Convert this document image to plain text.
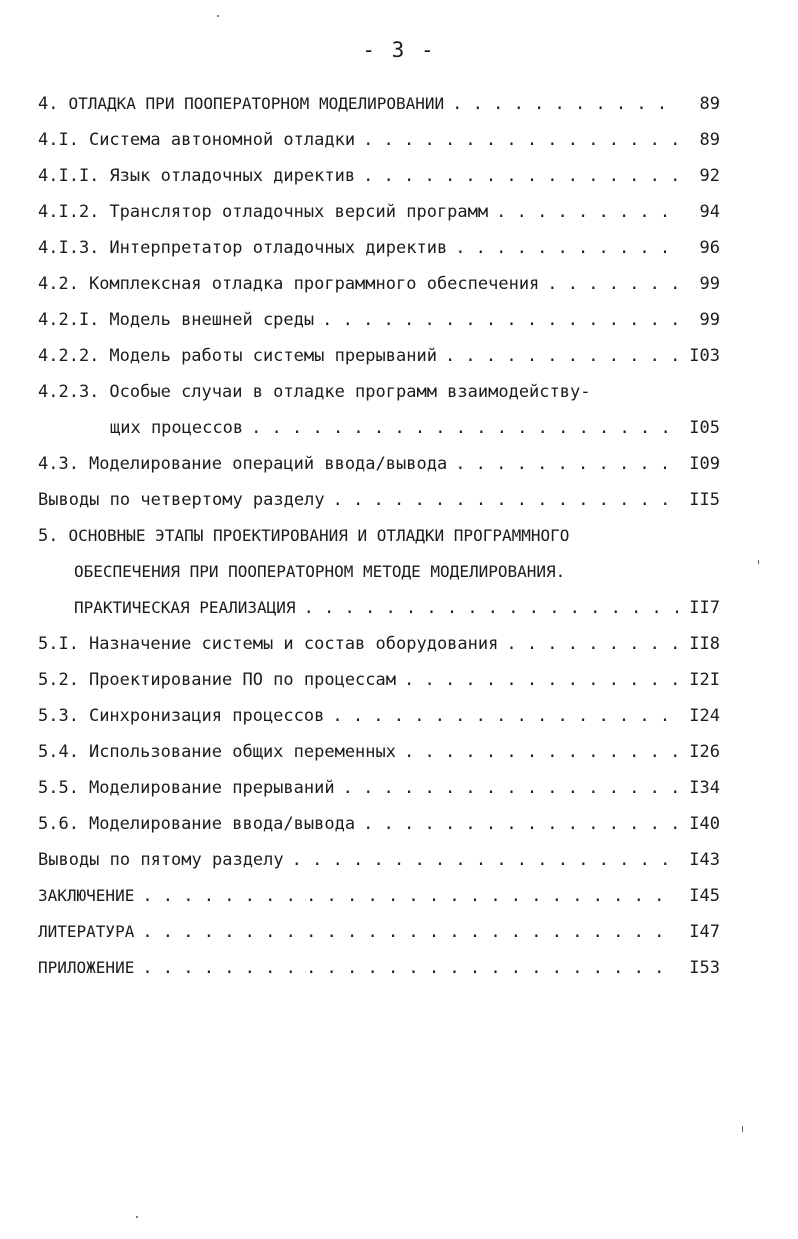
- 3 -
4. ОТЛАДКА ПРИ ПООПЕРАТОРНОМ МОДЕЛИРОВАНИИ . . .	89
4.I. Система автономной отладки . . .	89
4.I.I. Язык отладочных директив . . .	92
4.I.2. Транслятор отладочных версий программ . . .	94
4.I.3. Интерпретатор отладочных директив . . .	96
4.2. Комплексная отладка программного обеспечения . . .	99
4.2.I. Модель внешней среды . . .	99
4.2.2. Модель работы системы прерываний . . .	I03
4.2.3. Особые случаи в отладке программ взаимодейству-
щих процессов . . .	I05
4.3. Моделирование операций ввода/вывода . . .	I09
Выводы по четвертому разделу . . .	II5
5. ОСНОВНЫЕ ЭТАПЫ ПРОЕКТИРОВАНИЯ И ОТЛАДКИ ПРОГРАММНОГО
ОБЕСПЕЧЕНИЯ ПРИ ПООПЕРАТОРНОМ МЕТОДЕ МОДЕЛИРОВАНИЯ.
ПРАКТИЧЕСКАЯ РЕАЛИЗАЦИЯ . . .	II7
5.I. Назначение системы и состав оборудования . . .	II8
5.2. Проектирование ПО по процессам . . .	I2I
5.3. Синхронизация процессов . . .	I24
5.4. Использование общих переменных . . .	I26
5.5. Моделирование прерываний . . .	I34
5.6. Моделирование ввода/вывода . . .	I40
Выводы по пятому разделу . . .	I43
ЗАКЛЮЧЕНИЕ . . .	I45
ЛИТЕРАТУРА . . .	I47
ПРИЛОЖЕНИЕ . . .	I53
